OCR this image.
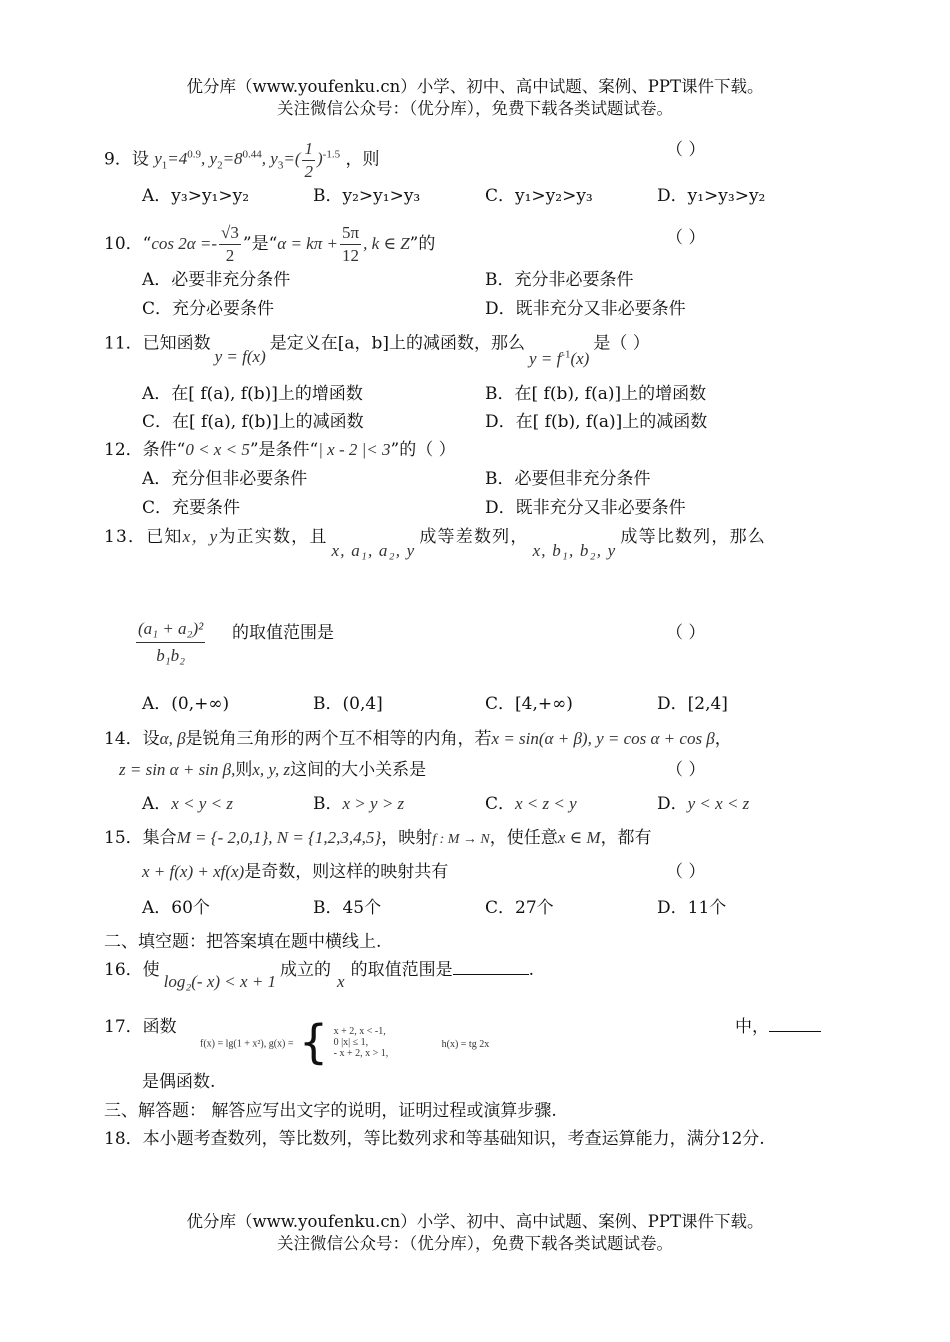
优分库（www.youfenku.cn）小学、初中、高中试题、案例、PPT课件下载。
关注微信公众号：（优分库），免费下载各类试题试卷。
9．设 $y_1=4^{0.9}$, $y_2=8^{0.44}$, $y_3=( \frac{1}{2} )^{-1.5}$ ，则	（ ）
A．y₃>y₁>y₂	B．y₂>y₁>y₃	C．y₁>y₂>y₃	D．y₁>y₃>y₂
10．“cos $2\alpha =- \frac{√3}{2}$ ”是“$\alpha = k\pi + \frac{5\pi}{12}$ , k ∈ Z”的	（ ）
A．必要非充分条件	B．充分非必要条件
C．充分必要条件	D．既非充分又非必要条件
11．已知函数y = f(x)是定义在[a，b]上的减函数，那么$y = f^{-1}(x)$是（ ）
A．在[ f(a), f(b)]上的增函数	B．在[ f(b), f(a)]上的增函数
C．在[ f(a), f(b)]上的减函数	D．在[ f(b), f(a)]上的减函数
12．条件“0 < x < 5”是条件“| x - 2 |< 3”的（ ）
A．充分但非必要条件	B．必要但非充分条件
C．充要条件	D．既非充分又非必要条件
13．已知x，y为正实数，且x, a₁, a₂, y成等差数列，x, b₁, b₂, y成等比数列，那么
$\frac{\text{(a₁ + a₂)²}}{\text{b₁b₂}}$ 的取值范围是	（ ）
A．(0,+∞)	B．(0,4]	C．[4,+∞)	D．[2,4]
14．设α, β是锐角三角形的两个互不相等的内角，若x = sin(α + β), y = cos α + cos β，
z = sin α + sin β,则x, y, z这间的大小关系是	（ ）
A．x < y < z	B．x > y > z	C．x < z < y	D．y < x < z
15．集合M = {- 2,0,1}, N = {1,2,3,4,5}，映射f : M → N，使任意x ∈ M，都有
x + f(x) + xf(x)是奇数，则这样的映射共有	（ ）
A．60个	B．45个	C．27个	D．11个
二、填空题：把答案填在题中横线上.
16．使log₂(- x) < x + 1成立的x的取值范围是	.
17．函数
f(x) = lg(1 + x²), g(x) = { x + 2, x < -1,
0 |x| ≤ 1,
- x + 2, x > 1,
h(x) = tg 2x
中，
是偶函数.
三、解答题： 解答应写出文字的说明，证明过程或演算步骤.
18．本小题考查数列，等比数列，等比数列求和等基础知识，考查运算能力，满分12分.
优分库（www.youfenku.cn）小学、初中、高中试题、案例、PPT课件下载。
关注微信公众号：（优分库），免费下载各类试题试卷。
